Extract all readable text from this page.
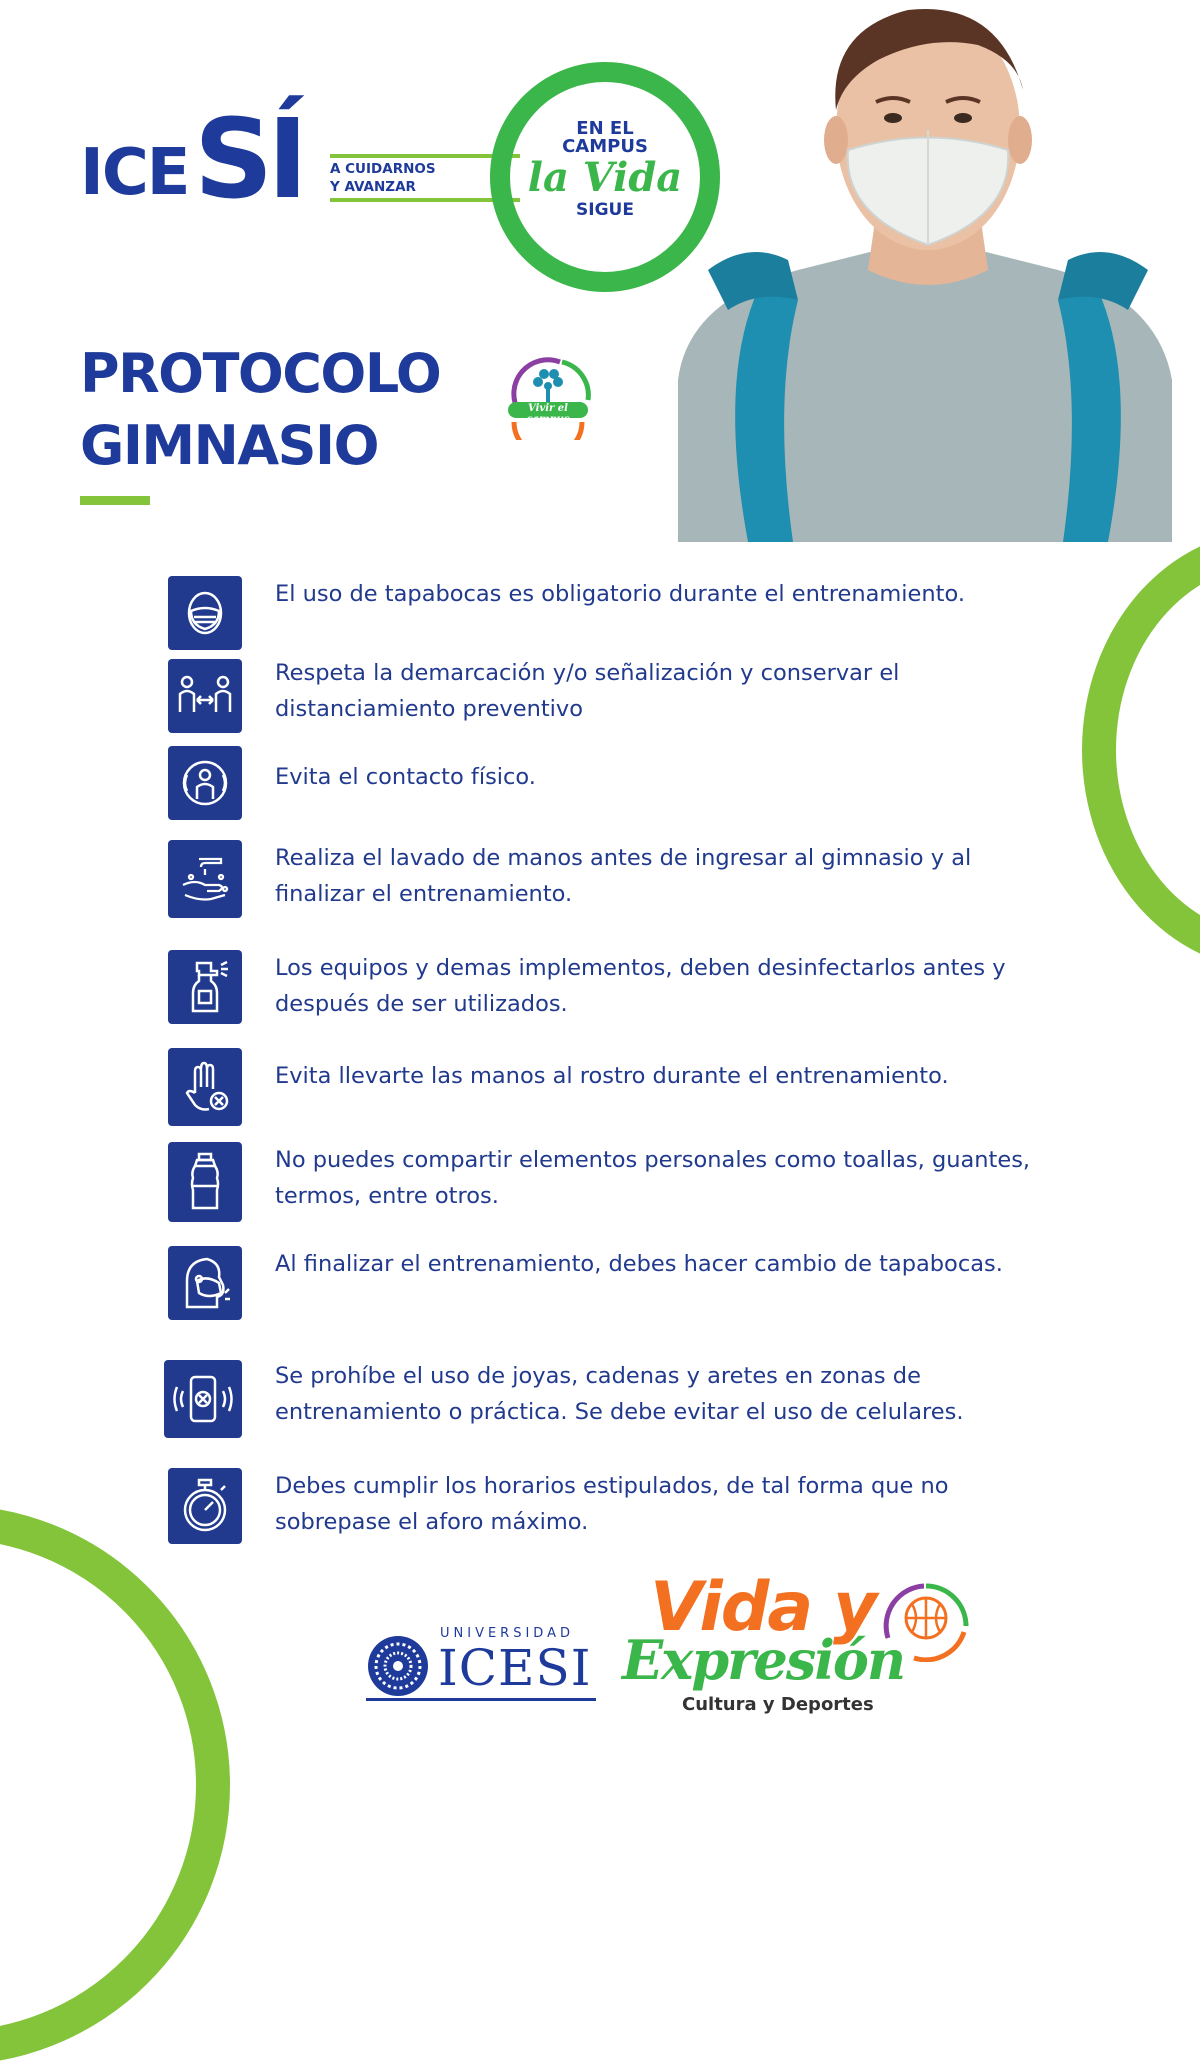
ICE SÍ A CUIDARNOS
Y AVANZAR
EN EL
CAMPUS
la Vida
SIGUE
PROTOCOLO
GIMNASIO
Vivir el campus
El uso de tapabocas es obligatorio durante el entrenamiento.
Respeta la demarcación y/o señalización y conservar el distanciamiento preventivo
Evita el contacto físico.
Realiza el lavado de manos antes de ingresar al gimnasio y al finalizar el entrenamiento.
Los equipos y demas implementos, deben desinfectarlos antes y después de ser utilizados.
Evita llevarte las manos al rostro durante el entrenamiento.
No puedes compartir elementos personales como toallas, guantes, termos, entre otros.
Al finalizar el entrenamiento, debes hacer cambio de tapabocas.
Se prohíbe el uso de joyas, cadenas y aretes en zonas de entrenamiento o práctica. Se debe evitar el uso de celulares.
Debes cumplir los horarios estipulados, de tal forma que no sobrepase el aforo máximo.
UNIVERSIDAD
ICESI
Vida y
Expresión
Cultura y Deportes
